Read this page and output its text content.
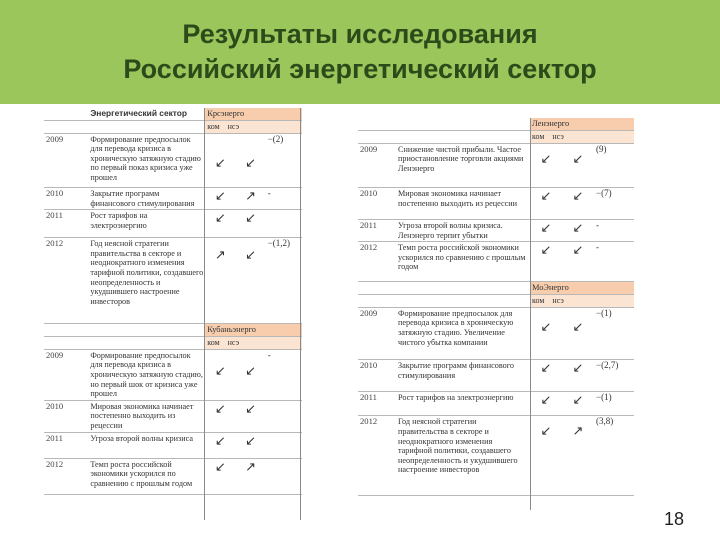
Результаты исследования
Российский энергетический сектор
	Энергетический сектор	Крсэнерго

		ком нсэ
2009	Формирование предпосылок для перевода кризиса в хроническую затяжную стадию по первый показ кризиса уже прошел	↙	↙	−(2)
2010	Закрытие программ финансового стимулирования	↙	↗	-
2011	Рост тарифов на электроэнергию	↙	↙	
2012	Год неясной стратегии правительства в секторе и неоднократного изменения тарифной политики, создавшего неопределенность и укудшившего настроение инвесторов	↗	↙	−(1,2)

		Кубаньэнерго

		ком нсэ
2009	Формирование предпосылок для перевода кризиса в хроническую затяжную стадию, но первый шок от кризиса уже прошел	↙	↙	-
2010	Мировая экономика начинает постепенно выходить из рецессии	↙	↙	
2011	Угроза второй волны кризиса	↙	↙	
2012	Темп роста российской экономики ускорился по сравнению с прошлым годом	↙	↗	

		Ленэнерго

		ком нсэ
2009	Снижение чистой прибыли. Частое приостановление торговли акциями Ленэнерго	↙	↙	(9)
2010	Мировая экономика начинает постепенно выходить из рецессии	↙	↙	−(7)
2011	Угроза второй волны кризиса. Ленэнерго терпит убытки	↙	↙	-
2012	Темп роста российской экономики ускорился по сравнению с прошлым годом	↙	↙	-

		МоЭнерго

		ком нсэ
2009	Формирование предпосылок для перевода кризиса в хроническую затяжную стадию. Увеличение чистого убытка компании	↙	↙	−(1)
2010	Закрытие программ финансового стимулирования	↙	↙	−(2,7)
2011	Рост тарифов на электроэнергию	↙	↙	−(1)
2012	Год неясной стратегии правительства в секторе и неоднократного изменения тарифной политики, создавшего неопределенность и укудшившего настроение инвесторов	↙	↗	(3,8)
18
